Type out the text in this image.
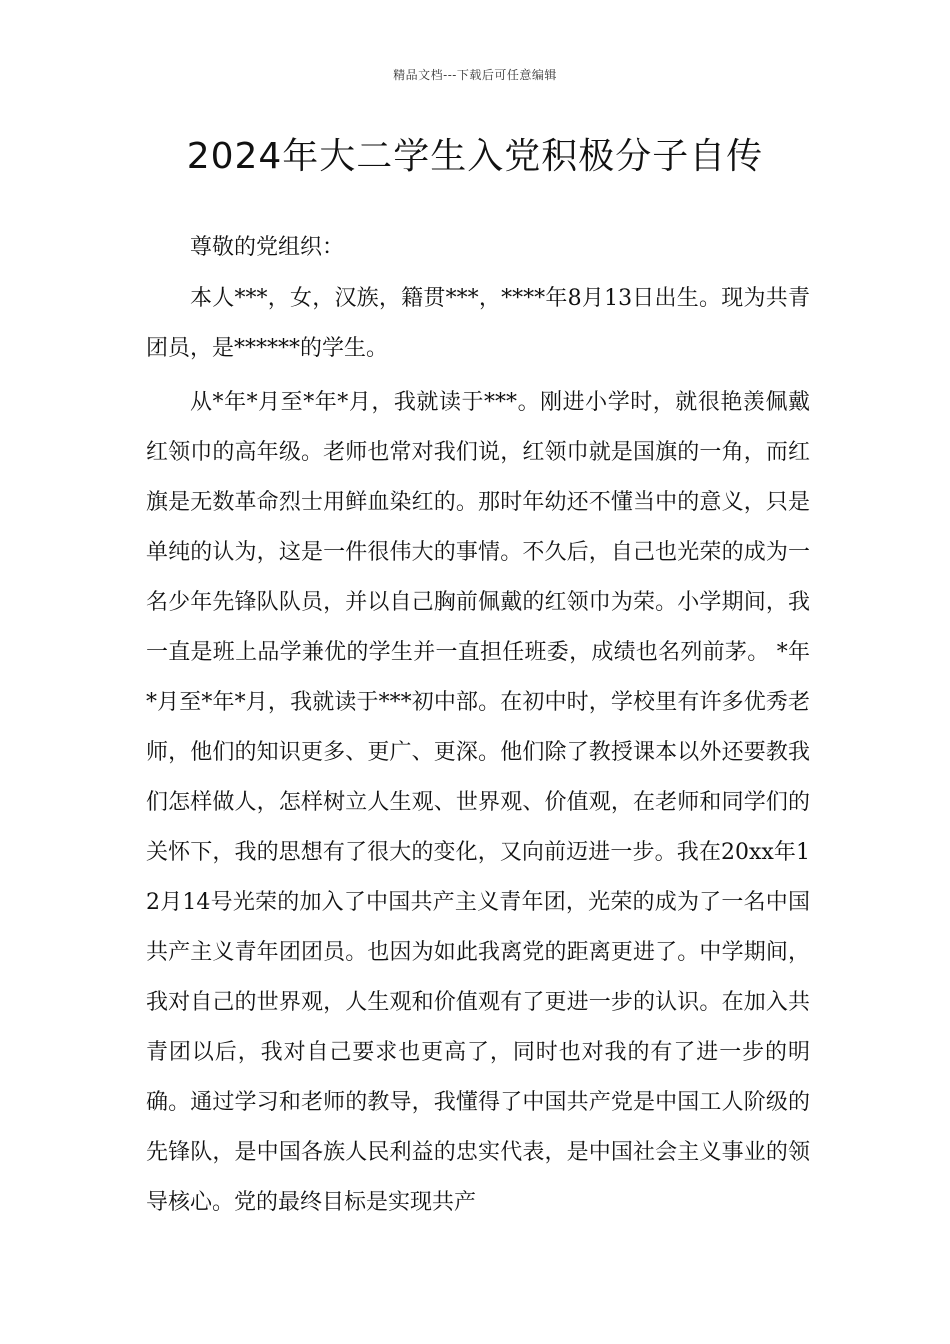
精品文档---下载后可任意编辑
2024年大二学生入党积极分子自传

尊敬的党组织：

本人***，女，汉族，籍贯***，****年8月13日出生。现为共青团员，是******的学生。

从*年*月至*年*月，我就读于***。刚进小学时，就很艳羡佩戴红领巾的高年级。老师也常对我们说，红领巾就是国旗的一角，而红旗是无数革命烈士用鲜血染红的。那时年幼还不懂当中的意义，只是单纯的认为，这是一件很伟大的事情。不久后，自己也光荣的成为一名少年先锋队队员，并以自己胸前佩戴的红领巾为荣。小学期间，我一直是班上品学兼优的学生并一直担任班委，成绩也名列前茅。 *年*月至*年*月，我就读于***初中部。在初中时，学校里有许多优秀老师，他们的知识更多、更广、更深。他们除了教授课本以外还要教我们怎样做人，怎样树立人生观、世界观、价值观，在老师和同学们的关怀下，我的思想有了很大的变化，又向前迈进一步。我在20xx年12月14号光荣的加入了中国共产主义青年团，光荣的成为了一名中国共产主义青年团团员。也因为如此我离党的距离更进了。中学期间，我对自己的世界观，人生观和价值观有了更进一步的认识。在加入共青团以后，我对自己要求也更高了，同时也对我的有了进一步的明确。通过学习和老师的教导，我懂得了中国共产党是中国工人阶级的先锋队，是中国各族人民利益的忠实代表，是中国社会主义事业的领导核心。党的最终目标是实现共产
